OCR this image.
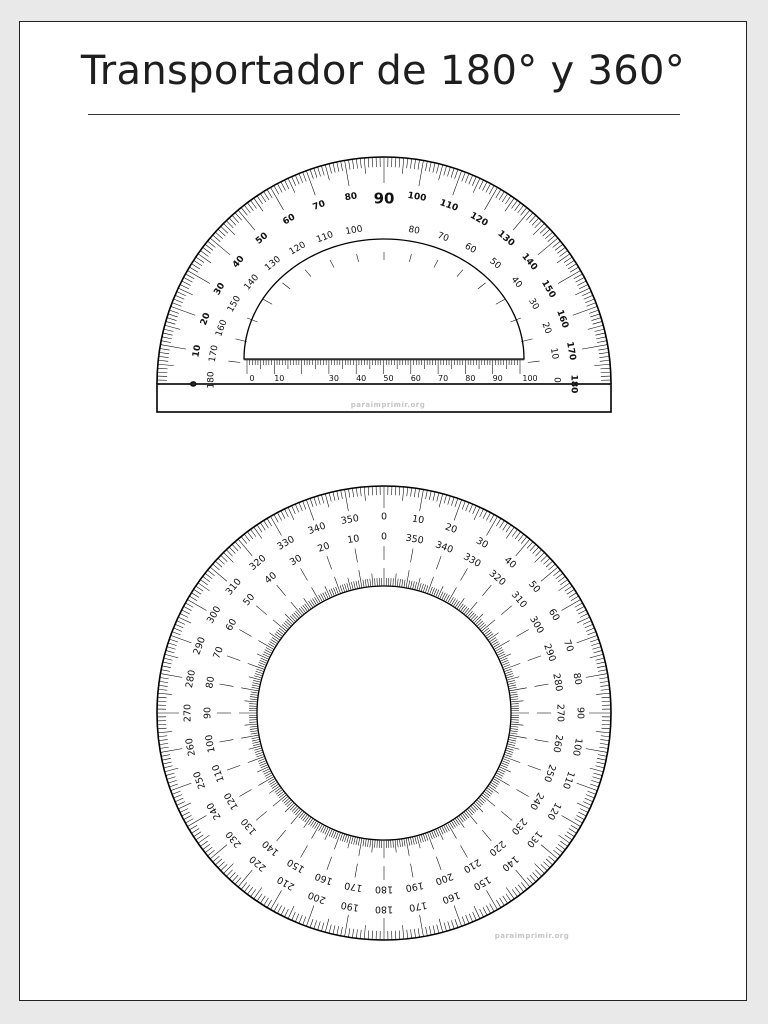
Transportador de 180° y 360°
0
10
20
30
40
50
60
70
80 90 100
110
120
130
140
150
160
170
180
180
170
160
150
140
130
120
110 100	80
70
60
50
40
30
20
10
0
0 10	30 40 50 60 70 80 90 100
paraimprimir.org
0	10
20
30
40
50
60
70
80
90
100
110
120
130
140
150
160
170
180
190
200
210
220
230
240
250
260
270
280
290
300
310
320
330
340
350
0 350 340
330
320
310
300
290
280
270
260
250
240
230
220
210
200
190
180
170
160
150
140
130
120
110
100
90
80
70
60
50
40
30
20
10
paraimprimir.org
